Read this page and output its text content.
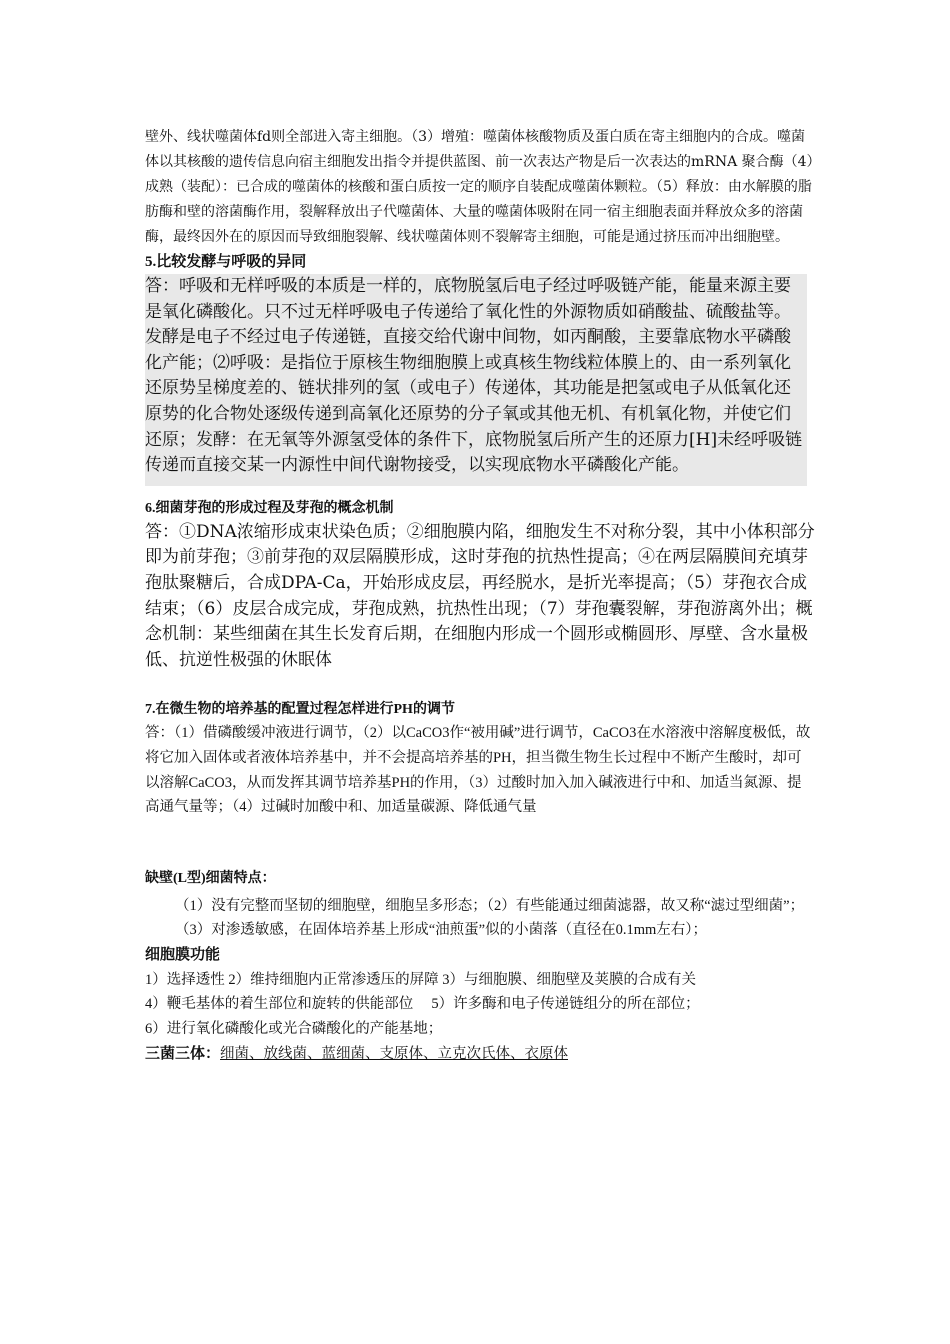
壁外、线状噬菌体fd则全部进入寄主细胞。（3）增殖：噬菌体核酸物质及蛋白质在寄主细胞内的合成。噬菌体以其核酸的遗传信息向宿主细胞发出指令并提供蓝图、前一次表达产物是后一次表达的mRNA 聚合酶（4）成熟（装配）：已合成的噬菌体的核酸和蛋白质按一定的顺序自装配成噬菌体颗粒。（5）释放：由水解膜的脂肪酶和壁的溶菌酶作用，裂解释放出子代噬菌体、大量的噬菌体吸附在同一宿主细胞表面并释放众多的溶菌酶，最终因外在的原因而导致细胞裂解、线状噬菌体则不裂解寄主细胞，可能是通过挤压而冲出细胞壁。

5.比较发酵与呼吸的异同

答：呼吸和无样呼吸的本质是一样的，底物脱氢后电子经过呼吸链产能，能量来源主要是氧化磷酸化。只不过无样呼吸电子传递给了氧化性的外源物质如硝酸盐、硫酸盐等。发酵是电子不经过电子传递链，直接交给代谢中间物，如丙酮酸，主要靠底物水平磷酸化产能；⑵呼吸：是指位于原核生物细胞膜上或真核生物线粒体膜上的、由一系列氧化还原势呈梯度差的、链状排列的氢（或电子）传递体，其功能是把氢或电子从低氧化还原势的化合物处逐级传递到高氧化还原势的分子氧或其他无机、有机氧化物，并使它们还原；发酵：在无氧等外源氢受体的条件下，底物脱氢后所产生的还原力[H]未经呼吸链传递而直接交某一内源性中间代谢物接受，以实现底物水平磷酸化产能。

6.细菌芽孢的形成过程及芽孢的概念机制

答：①DNA浓缩形成束状染色质；②细胞膜内陷，细胞发生不对称分裂，其中小体积部分即为前芽孢；③前芽孢的双层隔膜形成，这时芽孢的抗热性提高；④在两层隔膜间充填芽孢肽聚糖后，合成DPA-Ca，开始形成皮层，再经脱水，是折光率提高；（5）芽孢衣合成结束；（6）皮层合成完成，芽孢成熟，抗热性出现；（7）芽孢囊裂解，芽孢游离外出；概念机制：某些细菌在其生长发育后期，在细胞内形成一个圆形或椭圆形、厚壁、含水量极低、抗逆性极强的休眠体

7.在微生物的培养基的配置过程怎样进行PH的调节

答：（1）借磷酸缓冲液进行调节，（2）以CaCO3作“被用碱”进行调节，CaCO3在水溶液中溶解度极低，故将它加入固体或者液体培养基中，并不会提高培养基的PH，担当微生物生长过程中不断产生酸时，却可以溶解CaCO3，从而发挥其调节培养基PH的作用，（3）过酸时加入加入碱液进行中和、加适当氮源、提高通气量等；（4）过碱时加酸中和、加适量碳源、降低通气量

缺壁(L型)细菌特点：

（1）没有完整而坚韧的细胞壁，细胞呈多形态；（2）有些能通过细菌滤器，故又称“滤过型细菌”；（3）对渗透敏感，在固体培养基上形成“油煎蛋”似的小菌落（直径在0.1mm左右）；

细胞膜功能

1）选择透性 2）维持细胞内正常渗透压的屏障 3）与细胞膜、细胞壁及荚膜的合成有关

4）鞭毛基体的着生部位和旋转的供能部位　 5）许多酶和电子传递链组分的所在部位；

6）进行氧化磷酸化或光合磷酸化的产能基地；

三菌三体：细菌、放线菌、蓝细菌、支原体、立克次氏体、衣原体
